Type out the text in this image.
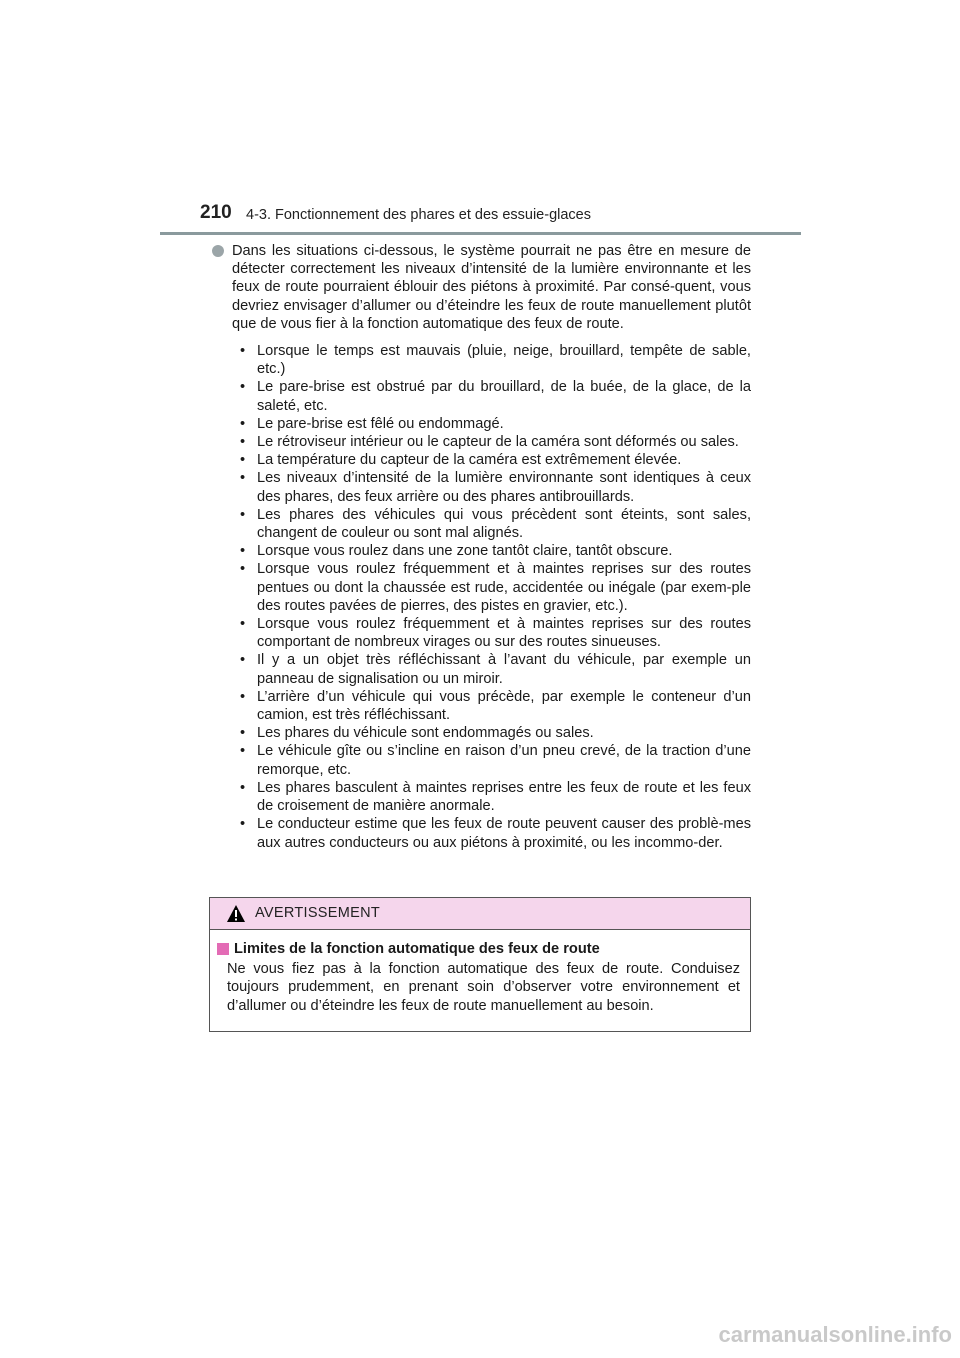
210 4-3. Fonctionnement des phares et des essuie-glaces
Dans les situations ci-dessous, le système pourrait ne pas être en mesure de détecter correctement les niveaux d’intensité de la lumière environnante et les feux de route pourraient éblouir des piétons à proximité. Par consé-quent, vous devriez envisager d’allumer ou d’éteindre les feux de route manuellement plutôt que de vous fier à la fonction automatique des feux de route.
• Lorsque le temps est mauvais (pluie, neige, brouillard, tempête de sable, etc.)
• Le pare-brise est obstrué par du brouillard, de la buée, de la glace, de la saleté, etc.
• Le pare-brise est fêlé ou endommagé.
• Le rétroviseur intérieur ou le capteur de la caméra sont déformés ou sales.
• La température du capteur de la caméra est extrêmement élevée.
• Les niveaux d’intensité de la lumière environnante sont identiques à ceux des phares, des feux arrière ou des phares antibrouillards.
• Les phares des véhicules qui vous précèdent sont éteints, sont sales, changent de couleur ou sont mal alignés.
• Lorsque vous roulez dans une zone tantôt claire, tantôt obscure.
• Lorsque vous roulez fréquemment et à maintes reprises sur des routes pentues ou dont la chaussée est rude, accidentée ou inégale (par exem-ple des routes pavées de pierres, des pistes en gravier, etc.).
• Lorsque vous roulez fréquemment et à maintes reprises sur des routes comportant de nombreux virages ou sur des routes sinueuses.
• Il y a un objet très réfléchissant à l’avant du véhicule, par exemple un panneau de signalisation ou un miroir.
• L’arrière d’un véhicule qui vous précède, par exemple le conteneur d’un camion, est très réfléchissant.
• Les phares du véhicule sont endommagés ou sales.
• Le véhicule gîte ou s’incline en raison d’un pneu crevé, de la traction d’une remorque, etc.
• Les phares basculent à maintes reprises entre les feux de route et les feux de croisement de manière anormale.
• Le conducteur estime que les feux de route peuvent causer des problè-mes aux autres conducteurs ou aux piétons à proximité, ou les incommo-der.
AVERTISSEMENT
Limites de la fonction automatique des feux de route
Ne vous fiez pas à la fonction automatique des feux de route. Conduisez toujours prudemment, en prenant soin d’observer votre environnement et d’allumer ou d’éteindre les feux de route manuellement au besoin.
carmanualsonline.info
